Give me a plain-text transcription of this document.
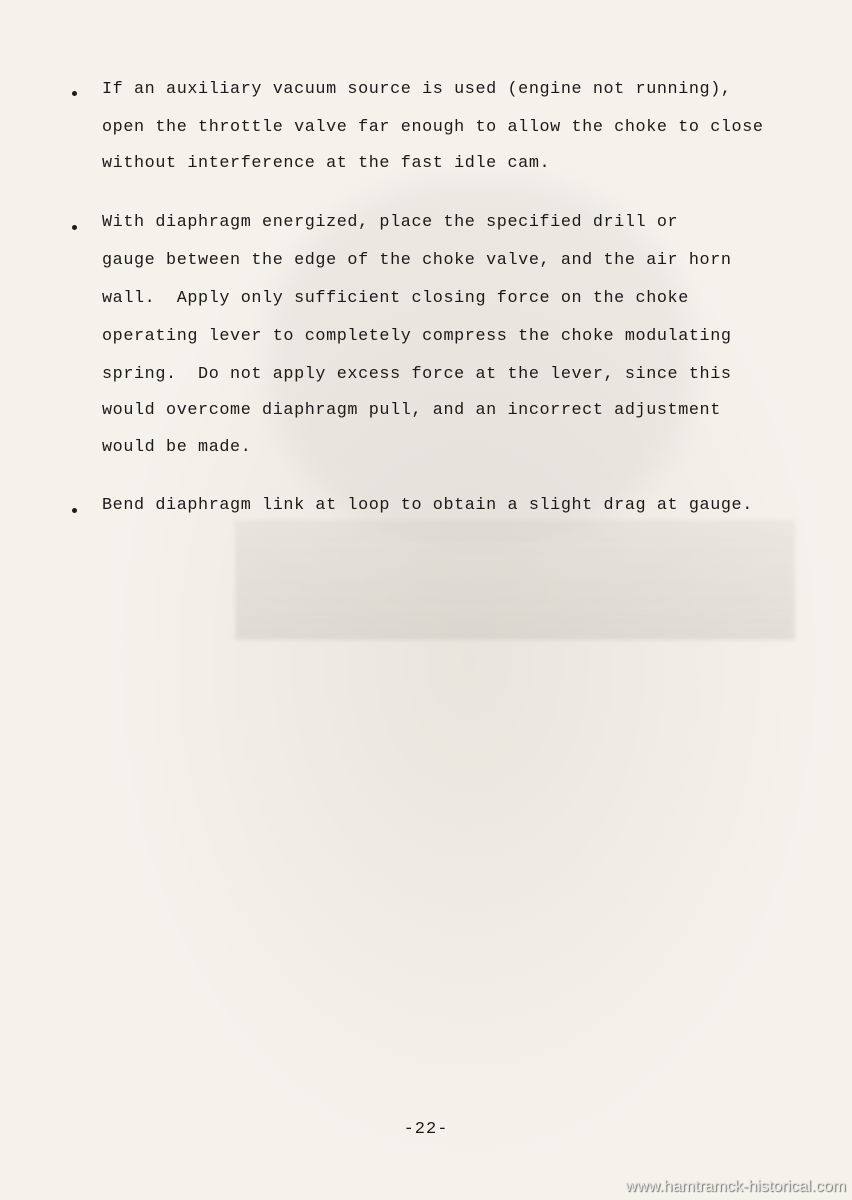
If an auxiliary vacuum source is used (engine not running),
open the throttle valve far enough to allow the choke to close
without interference at the fast idle cam.
With diaphragm energized, place the specified drill or
gauge between the edge of the choke valve, and the air horn
wall.  Apply only sufficient closing force on the choke
operating lever to completely compress the choke modulating
spring.  Do not apply excess force at the lever, since this
would overcome diaphragm pull, and an incorrect adjustment
would be made.
Bend diaphragm link at loop to obtain a slight drag at gauge.
-22-
www.hamtramck-historical.com
